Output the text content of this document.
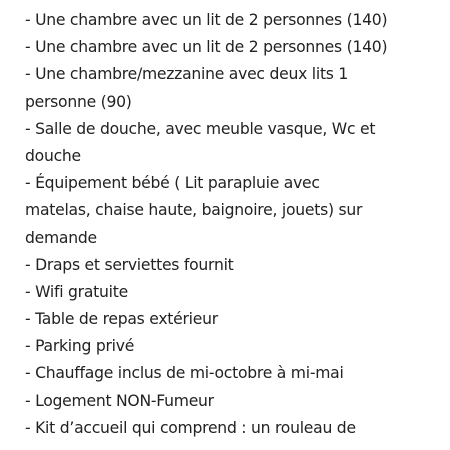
- Une chambre avec un lit de 2 personnes (140)
- Une chambre avec un lit de 2 personnes (140)
- Une chambre/mezzanine avec deux lits 1
personne (90)
- Salle de douche, avec meuble vasque, Wc et
douche
- Équipement bébé ( Lit parapluie avec
matelas, chaise haute, baignoire, jouets) sur
demande
- Draps et serviettes fournit
- Wifi gratuite
- Table de repas extérieur
- Parking privé
- Chauffage inclus de mi-octobre à mi-mai
- Logement NON-Fumeur
- Kit d’accueil qui comprend : un rouleau de
